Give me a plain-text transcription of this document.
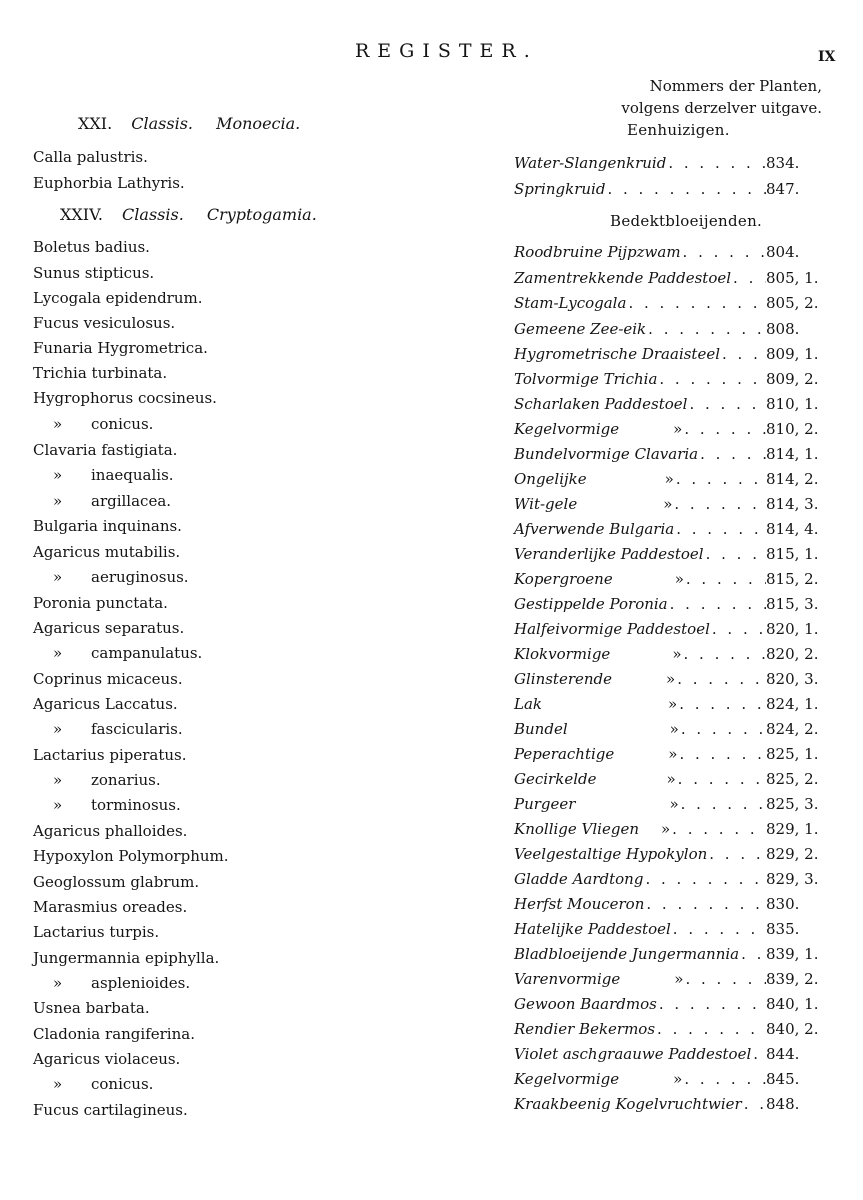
REGISTER.	IX
Nommers der Planten,
volgens derzelver uitgave.
XXI. Classis. Monoecia.	Eenhuizigen.
XXIV. Classis. Cryptogamia.	Bedektbloeijenden.
Calla palustris.
Euphorbia Lathyris.
Boletus badius.
Sunus stipticus.
Lycogala epidendrum.
Fucus vesiculosus.
Funaria Hygrometrica.
Trichia turbinata.
Hygrophorus cocsineus.
» conicus.
Clavaria fastigiata.
» inaequalis.
» argillacea.
Bulgaria inquinans.
Agaricus mutabilis.
» aeruginosus.
Poronia punctata.
Agaricus separatus.
» campanulatus.
Coprinus micaceus.
Agaricus Laccatus.
» fascicularis.
Lactarius piperatus.
» zonarius.
» torminosus.
Agaricus phalloides.
Hypoxylon Polymorphum.
Geoglossum glabrum.
Marasmius oreades.
Lactarius turpis.
Jungermannia epiphylla.
» asplenioides.
Usnea barbata.
Cladonia rangiferina.
Agaricus violaceus.
» conicus.
Fucus cartilagineus.
Water-Slangenkruid . . .	834.
Springkruid . . .	847.
Roodbruine Pijpzwam . . .	804.
Zamentrekkende Paddestoel . . . 805, 1.
Stam-Lycogala . . .	805, 2.
Gemeene Zee-eik . . .	808.
Hygrometrische Draaisteel . . .	809, 1.
Tolvormige Trichia . . .	809, 2.
Scharlaken Paddestoel . . .	810, 1.
Kegelvormige	» . . .	810, 2.
Bundelvormige Clavaria . . .	814, 1.
Ongelijke	» . . .	814, 2.
Wit-gele	» . . .	814, 3.
Afverwende Bulgaria . . .	814, 4.
Veranderlijke Paddestoel . . .	815, 1.
Kopergroene	» . . .	815, 2.
Gestippelde Poronia . . .	815, 3.
Halfeivormige Paddestoel . . .	820, 1.
Klokvormige	» . . .	820, 2.
Glinsterende	» . . .	820, 3.
Lak	» . . .	824, 1.
Bundel	» . . .	824, 2.
Peperachtige	» . . .	825, 1.
Gecirkelde	» . . .	825, 2.
Purgeer	» . . .	825, 3.
Knollige Vliegen » . . .	829, 1.
Veelgestaltige Hypokylon . . .	829, 2.
Gladde Aardtong . . .	829, 3.
Herfst Mouceron . . .	830.
Hatelijke Paddestoel . . .	835.
Bladbloeijende Jungermannia . . . 839, 1.
Varenvormige	» . . .	839, 2.
Gewoon Baardmos . . .	840, 1.
Rendier Bekermos . . .	840, 2.
Violet aschgraauwe Paddestoel . . . 844.
Kegelvormige	» . . .	845.
Kraakbeenig Kogelvruchtwier . . . 848.
